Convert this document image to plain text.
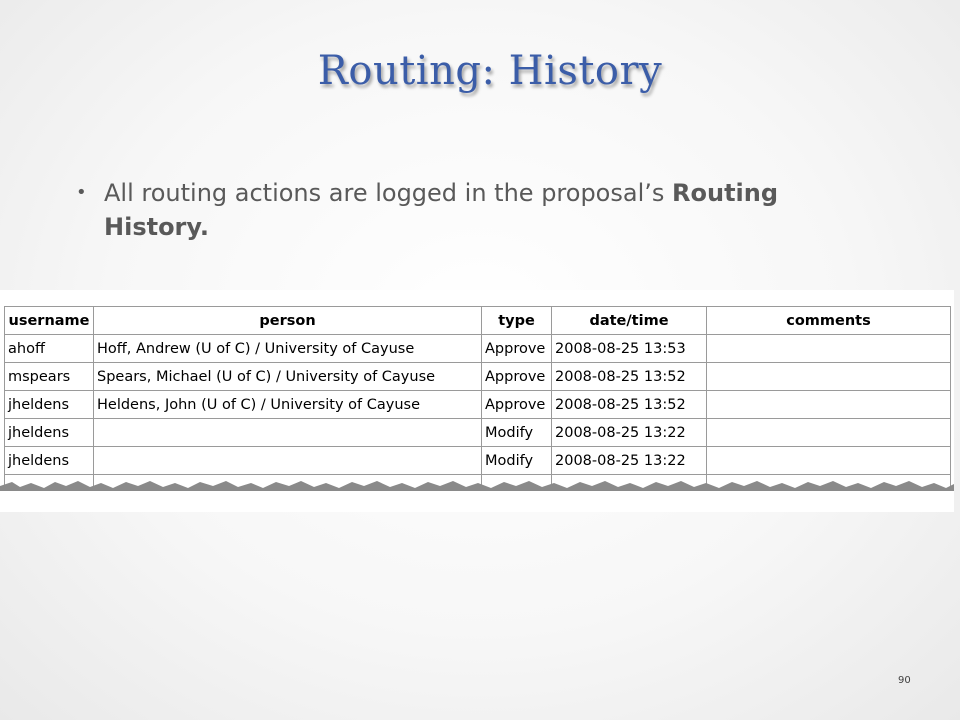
Routing: History
• All routing actions are logged in the proposal’s Routing History.
username	person	type	date/time	comments
ahoff	Hoff, Andrew (U of C) / University of Cayuse	Approve	2008-08-25 13:53	
mspears	Spears, Michael (U of C) / University of Cayuse	Approve	2008-08-25 13:52	
jheldens	Heldens, John (U of C) / University of Cayuse	Approve	2008-08-25 13:52	
jheldens		Modify	2008-08-25 13:22	
jheldens		Modify	2008-08-25 13:22	

90
